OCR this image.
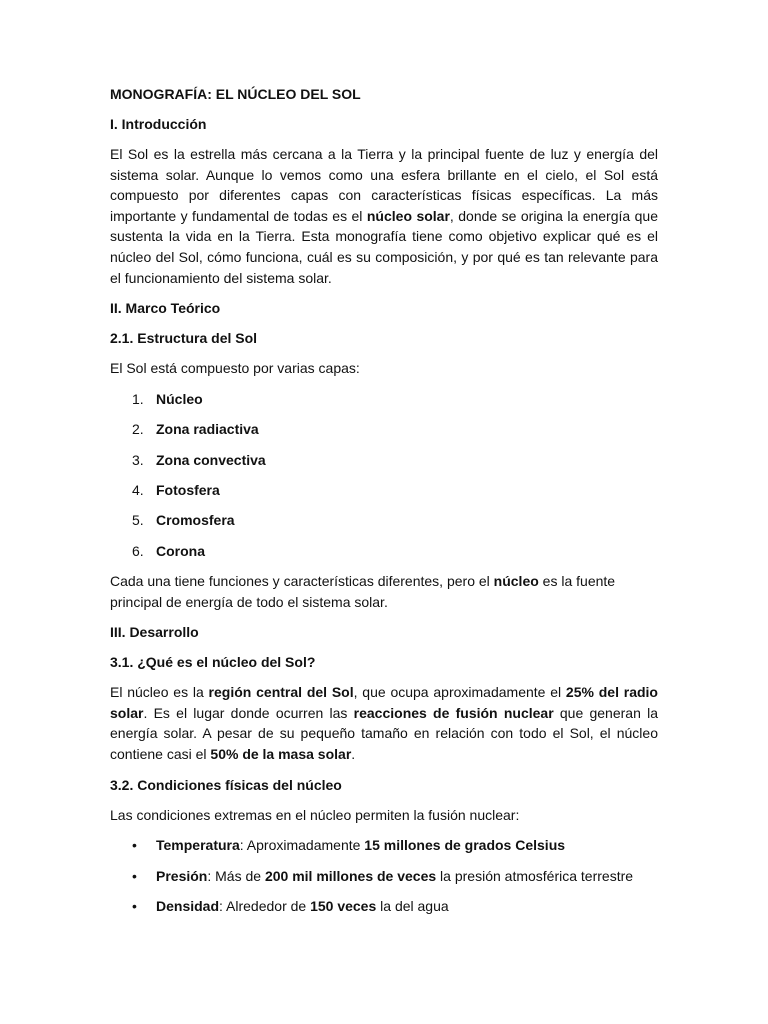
MONOGRAFÍA: EL NÚCLEO DEL SOL
I. Introducción

El Sol es la estrella más cercana a la Tierra y la principal fuente de luz y energía del sistema solar. Aunque lo vemos como una esfera brillante en el cielo, el Sol está compuesto por diferentes capas con características físicas específicas. La más importante y fundamental de todas es el núcleo solar, donde se origina la energía que sustenta la vida en la Tierra. Esta monografía tiene como objetivo explicar qué es el núcleo del Sol, cómo funciona, cuál es su composición, y por qué es tan relevante para el funcionamiento del sistema solar.

II. Marco Teórico
2.1. Estructura del Sol

El Sol está compuesto por varias capas:

1. Núcleo
2. Zona radiactiva
3. Zona convectiva
4. Fotosfera
5. Cromosfera
6. Corona

Cada una tiene funciones y características diferentes, pero el núcleo es la fuente
principal de energía de todo el sistema solar.

III. Desarrollo
3.1. ¿Qué es el núcleo del Sol?

El núcleo es la región central del Sol, que ocupa aproximadamente el 25% del radio solar. Es el lugar donde ocurren las reacciones de fusión nuclear que generan la energía solar. A pesar de su pequeño tamaño en relación con todo el Sol, el núcleo contiene casi el 50% de la masa solar.

3.2. Condiciones físicas del núcleo

Las condiciones extremas en el núcleo permiten la fusión nuclear:

• Temperatura: Aproximadamente 15 millones de grados Celsius
• Presión: Más de 200 mil millones de veces la presión atmosférica terrestre
• Densidad: Alrededor de 150 veces la del agua
